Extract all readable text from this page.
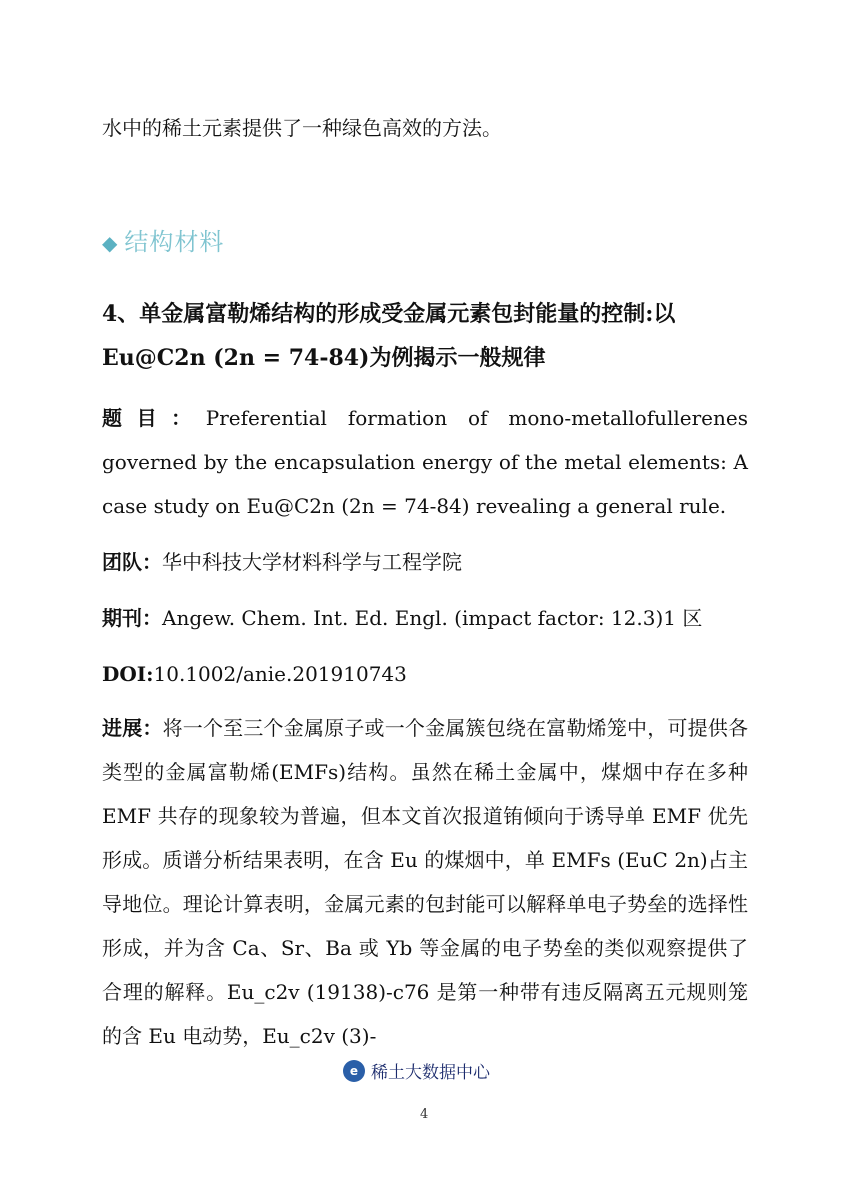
水中的稀土元素提供了一种绿色高效的方法。
◆ 结构材料
4、单金属富勒烯结构的形成受金属元素包封能量的控制:以Eu@C2n (2n = 74-84)为例揭示一般规律
题目：Preferential formation of mono-metallofullerenes governed by the encapsulation energy of the metal elements: A case study on Eu@C2n (2n = 74-84) revealing a general rule.
团队：华中科技大学材料科学与工程学院
期刊：Angew. Chem. Int. Ed. Engl. (impact factor: 12.3)1 区
DOI:10.1002/anie.201910743
进展：将一个至三个金属原子或一个金属簇包绕在富勒烯笼中，可提供各类型的金属富勒烯(EMFs)结构。虽然在稀土金属中，煤烟中存在多种 EMF 共存的现象较为普遍，但本文首次报道铕倾向于诱导单 EMF 优先形成。质谱分析结果表明，在含 Eu 的煤烟中，单 EMFs (EuC 2n)占主导地位。理论计算表明，金属元素的包封能可以解释单电子势垒的选择性形成，并为含 Ca、Sr、Ba 或 Yb 等金属的电子势垒的类似观察提供了合理的解释。Eu_c2v (19138)-c76 是第一种带有违反隔离五元规则笼的含 Eu 电动势，Eu_c2v (3)-
e 稀土大数据中心
4
